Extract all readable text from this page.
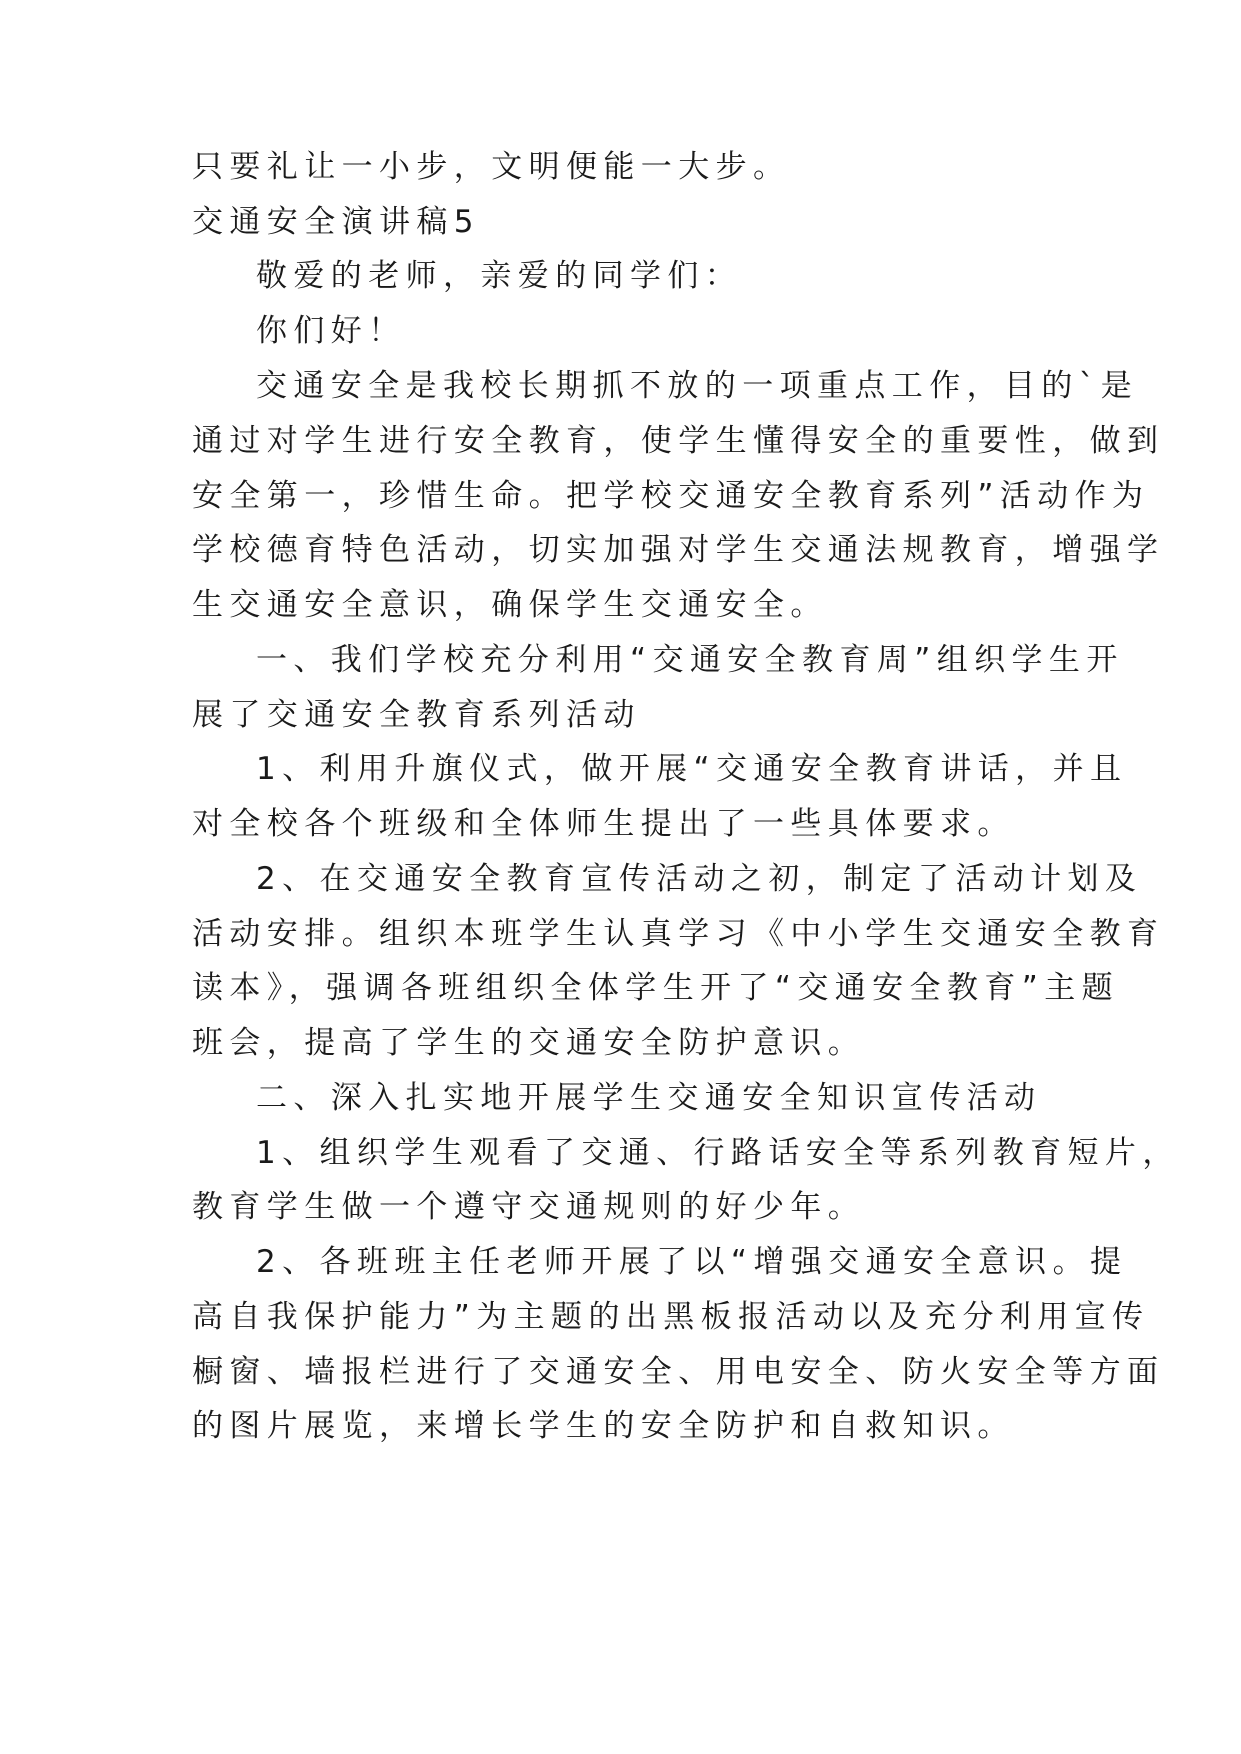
只要礼让一小步，文明便能一大步。

交通安全演讲稿5

敬爱的老师，亲爱的同学们：

你们好！

交通安全是我校长期抓不放的一项重点工作，目的`是

通过对学生进行安全教育，使学生懂得安全的重要性，做到

安全第一，珍惜生命。把学校交通安全教育系列”活动作为

学校德育特色活动，切实加强对学生交通法规教育，增强学

生交通安全意识，确保学生交通安全。

一、我们学校充分利用“交通安全教育周”组织学生开

展了交通安全教育系列活动

1、利用升旗仪式，做开展“交通安全教育讲话，并且

对全校各个班级和全体师生提出了一些具体要求。

2、在交通安全教育宣传活动之初，制定了活动计划及

活动安排。组织本班学生认真学习《中小学生交通安全教育

读本》，强调各班组织全体学生开了“交通安全教育”主题

班会，提高了学生的交通安全防护意识。

二、深入扎实地开展学生交通安全知识宣传活动

1、组织学生观看了交通、行路话安全等系列教育短片，

教育学生做一个遵守交通规则的好少年。

2、各班班主任老师开展了以“增强交通安全意识。提

高自我保护能力”为主题的出黑板报活动以及充分利用宣传

橱窗、墙报栏进行了交通安全、用电安全、防火安全等方面

的图片展览，来增长学生的安全防护和自救知识。
